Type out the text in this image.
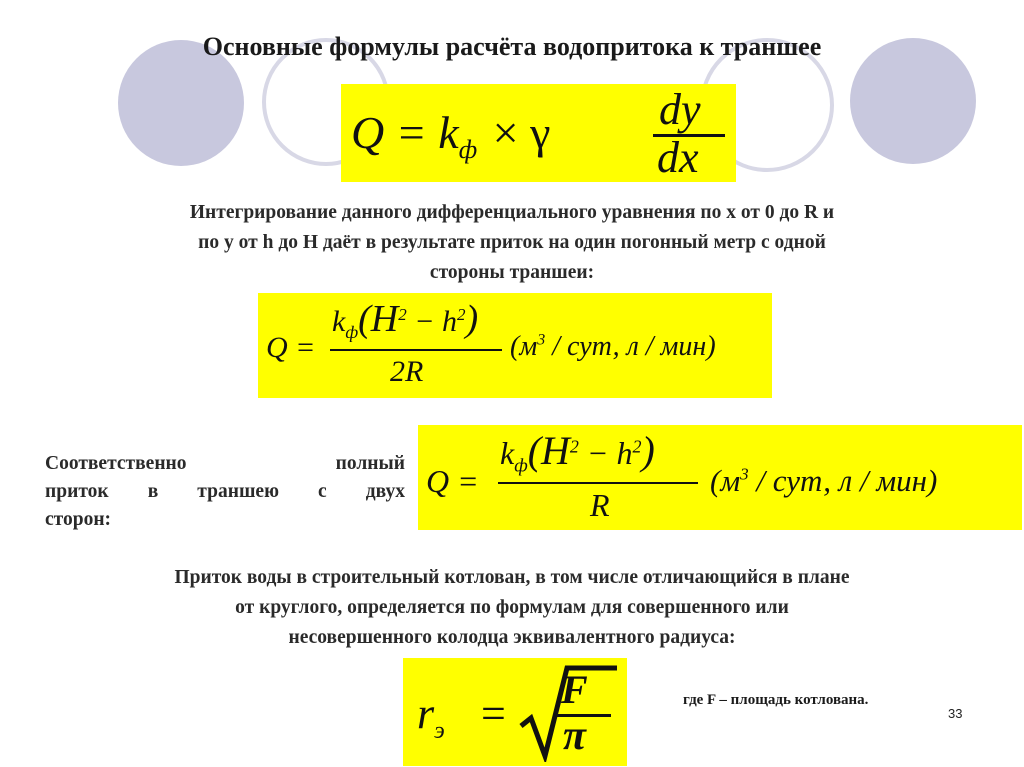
Основные формулы расчёта водопритока к траншее
$Q = k_ф \times \gamma$ dy
dx
Интегрирование данного дифференциального уравнения по x от 0 до R и
по y от h до H даёт в результате приток на один погонный метр с одной
стороны траншеи:
Q =
$k_ф(H^2 - h^2)$
2R
($м^3$ / сут, л / мин)
Соответственно полный
приток в траншею с двух
сторон:
Q =
$k_ф(H^2 - h^2)$
R
($м^3$ / сут, л / мин)
Приток воды в строительный котлован, в том числе отличающийся в плане
от круглого, определяется по формулам для совершенного или
несовершенного колодца эквивалентного радиуса:
$r_э = F$
π
где F – площадь котлована.
33
